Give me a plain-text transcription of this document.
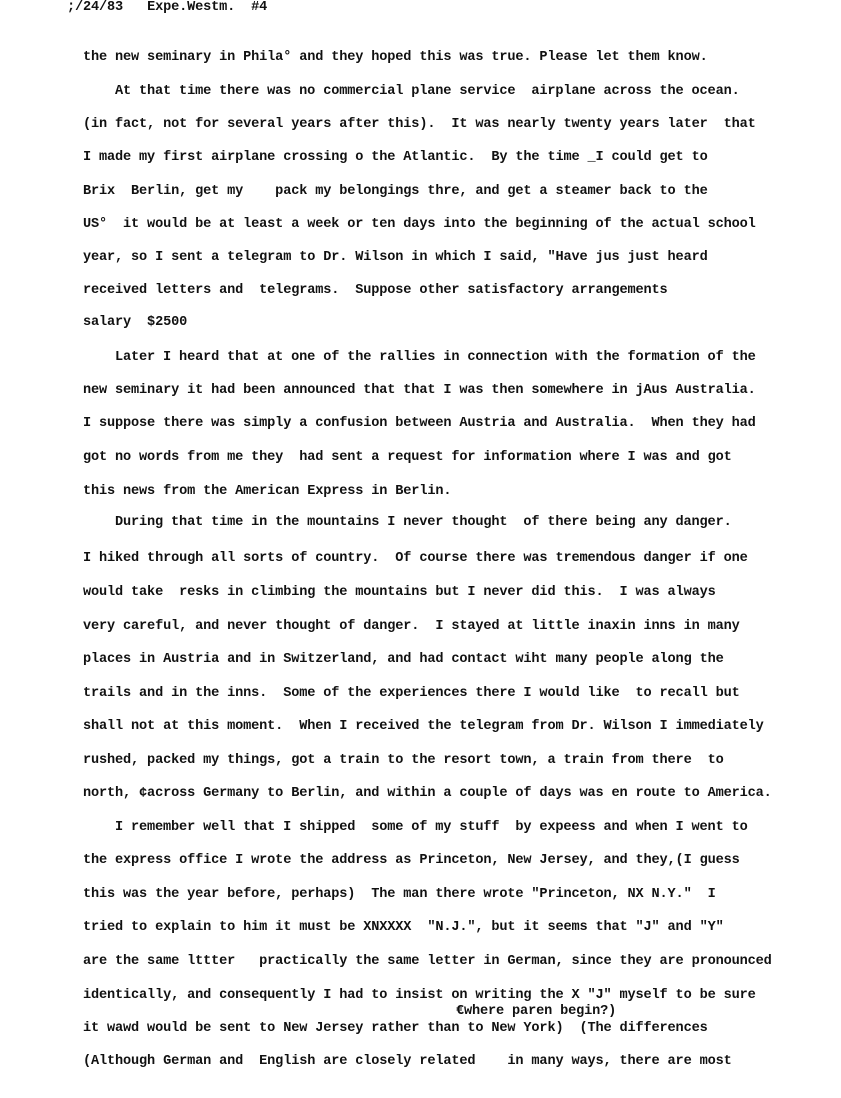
;/24/83   Expe.Westm.  #4
the new seminary in Phila° and they hoped this was true. Please let them know.
At that time there was no commercial plane service  airplane across the ocean.
(in fact, not for several years after this).  It was nearly twenty years later  that
I made my first airplane crossing o the Atlantic.  By the time _I could get to
Brix  Berlin, get my    pack my belongings thre, and get a steamer back to the
US°  it would be at least a week or ten days into the beginning of the actual school
year, so I sent a telegram to Dr. Wilson in which I said, "Have jus just heard
received letters and  telegrams.  Suppose other satisfactory arrangements
salary  $2500
Later I heard that at one of the rallies in connection with the formation of the
new seminary it had been announced that that I was then somewhere in jAus Australia.
I suppose there was simply a confusion between Austria and Australia.  When they had
got no words from me they  had sent a request for information where I was and got
this news from the American Express in Berlin.
During that time in the mountains I never thought  of there being any danger.
I hiked through all sorts of country.  Of course there was tremendous danger if one
would take  resks in climbing the mountains but I never did this.  I was always
very careful, and never thought of danger.  I stayed at little inaxin inns in many
places in Austria and in Switzerland, and had contact wiht many people along the
trails and in the inns.  Some of the experiences there I would like  to recall but
shall not at this moment.  When I received the telegram from Dr. Wilson I immediately
rushed, packed my things, got a train to the resort town, a train from there  to
north, ¢across Germany to Berlin, and within a couple of days was en route to America.
I remember well that I shipped  some of my stuff  by expeess and when I went to
the express office I wrote the address as Princeton, New Jersey, and they,(I guess
this was the year before, perhaps)  The man there wrote "Princeton, NX N.Y."  I
tried to explain to him it must be XNXXXX  "N.J.", but it seems that "J" and "Y"
are the same lttter   practically the same letter in German, since they are pronounced
identically, and consequently I had to insist on writing the X "J" myself to be sure
€where paren begin?)
it wawd would be sent to New Jersey rather than to New York)  (The differences
(Although German and  English are closely related    in many ways, there are most
